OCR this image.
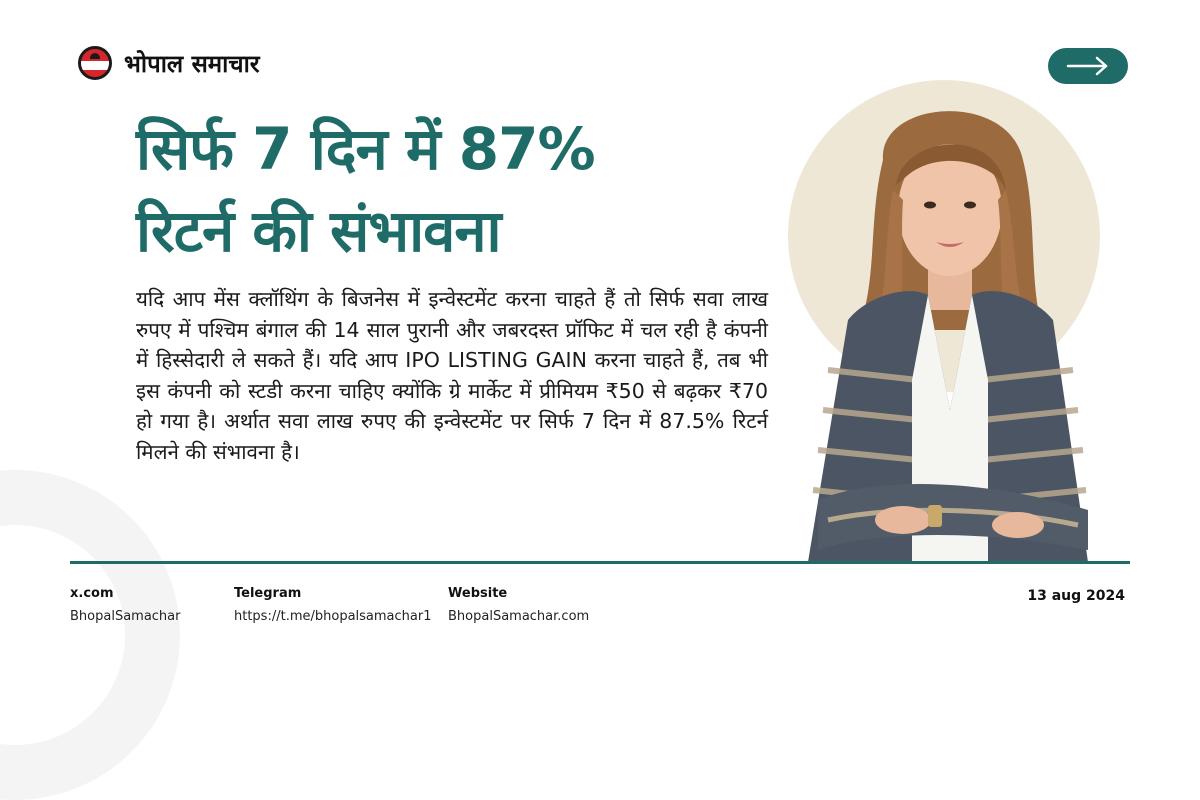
भोपाल समाचार
सिर्फ 7 दिन में 87%
रिटर्न की संभावना

यदि आप मेंस क्लॉथिंग के बिजनेस में इन्वेस्टमेंट करना चाहते हैं तो सिर्फ सवा लाख रुपए में पश्चिम बंगाल की 14 साल पुरानी और जबरदस्त प्रॉफिट में चल रही है कंपनी में हिस्सेदारी ले सकते हैं। यदि आप IPO LISTING GAIN करना चाहते हैं, तब भी इस कंपनी को स्टडी करना चाहिए क्योंकि ग्रे मार्केट में प्रीमियम ₹50 से बढ़कर ₹70 हो गया है। अर्थात सवा लाख रुपए की इन्वेस्टमेंट पर सिर्फ 7 दिन में 87.5% रिटर्न मिलने की संभावना है।

x.com
BhopalSamachar
Telegram
https://t.me/bhopalsamachar1
Website
BhopalSamachar.com
13 aug 2024
